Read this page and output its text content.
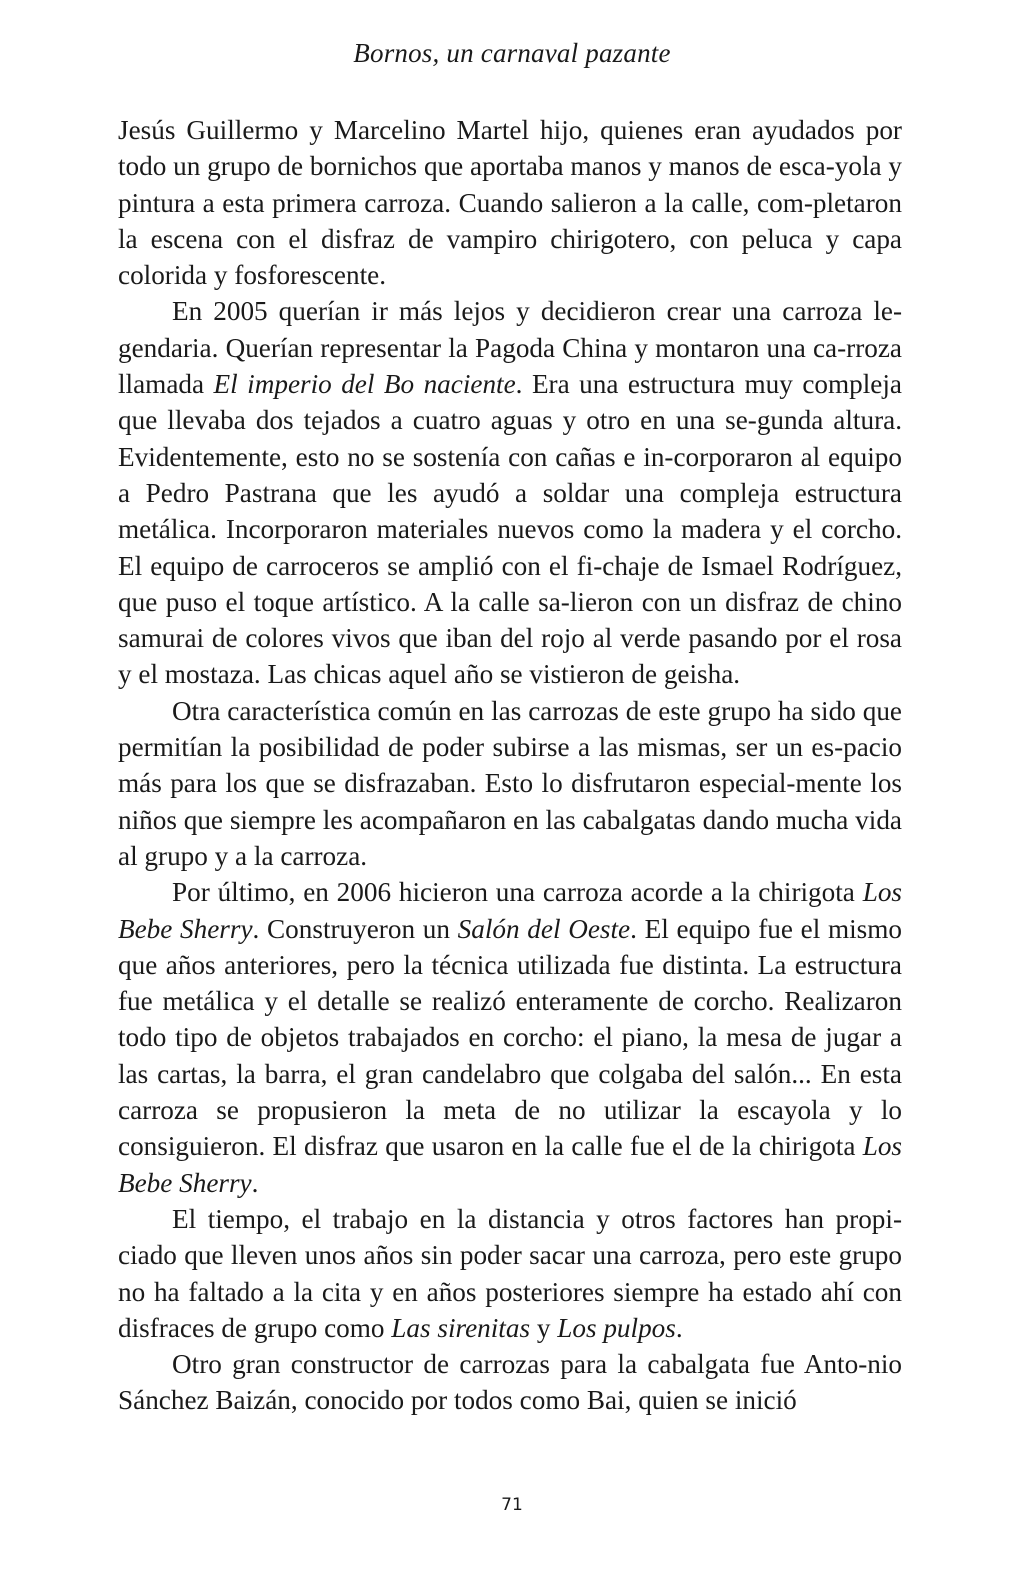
Bornos, un carnaval pazante

Jesús Guillermo y Marcelino Martel hijo, quienes eran ayudados por todo un grupo de bornichos que aportaba manos y manos de esca-yola y pintura a esta primera carroza. Cuando salieron a la calle, com-pletaron la escena con el disfraz de vampiro chirigotero, con peluca y capa colorida y fosforescente.

En 2005 querían ir más lejos y decidieron crear una carroza le-gendaria. Querían representar la Pagoda China y montaron una ca-rroza llamada El imperio del Bo naciente. Era una estructura muy compleja que llevaba dos tejados a cuatro aguas y otro en una se-gunda altura. Evidentemente, esto no se sostenía con cañas e in-corporaron al equipo a Pedro Pastrana que les ayudó a soldar una compleja estructura metálica. Incorporaron materiales nuevos como la madera y el corcho. El equipo de carroceros se amplió con el fi-chaje de Ismael Rodríguez, que puso el toque artístico. A la calle sa-lieron con un disfraz de chino samurai de colores vivos que iban del rojo al verde pasando por el rosa y el mostaza. Las chicas aquel año se vistieron de geisha.

Otra característica común en las carrozas de este grupo ha sido que permitían la posibilidad de poder subirse a las mismas, ser un es-pacio más para los que se disfrazaban. Esto lo disfrutaron especial-mente los niños que siempre les acompañaron en las cabalgatas dando mucha vida al grupo y a la carroza.

Por último, en 2006 hicieron una carroza acorde a la chirigota Los Bebe Sherry. Construyeron un Salón del Oeste. El equipo fue el mismo que años anteriores, pero la técnica utilizada fue distinta. La estructura fue metálica y el detalle se realizó enteramente de corcho. Realizaron todo tipo de objetos trabajados en corcho: el piano, la mesa de jugar a las cartas, la barra, el gran candelabro que colgaba del salón... En esta carroza se propusieron la meta de no utilizar la escayola y lo consiguieron. El disfraz que usaron en la calle fue el de la chirigota Los Bebe Sherry.

El tiempo, el trabajo en la distancia y otros factores han propi-ciado que lleven unos años sin poder sacar una carroza, pero este grupo no ha faltado a la cita y en años posteriores siempre ha estado ahí con disfraces de grupo como Las sirenitas y Los pulpos.

Otro gran constructor de carrozas para la cabalgata fue Anto-nio Sánchez Baizán, conocido por todos como Bai, quien se inició

71
